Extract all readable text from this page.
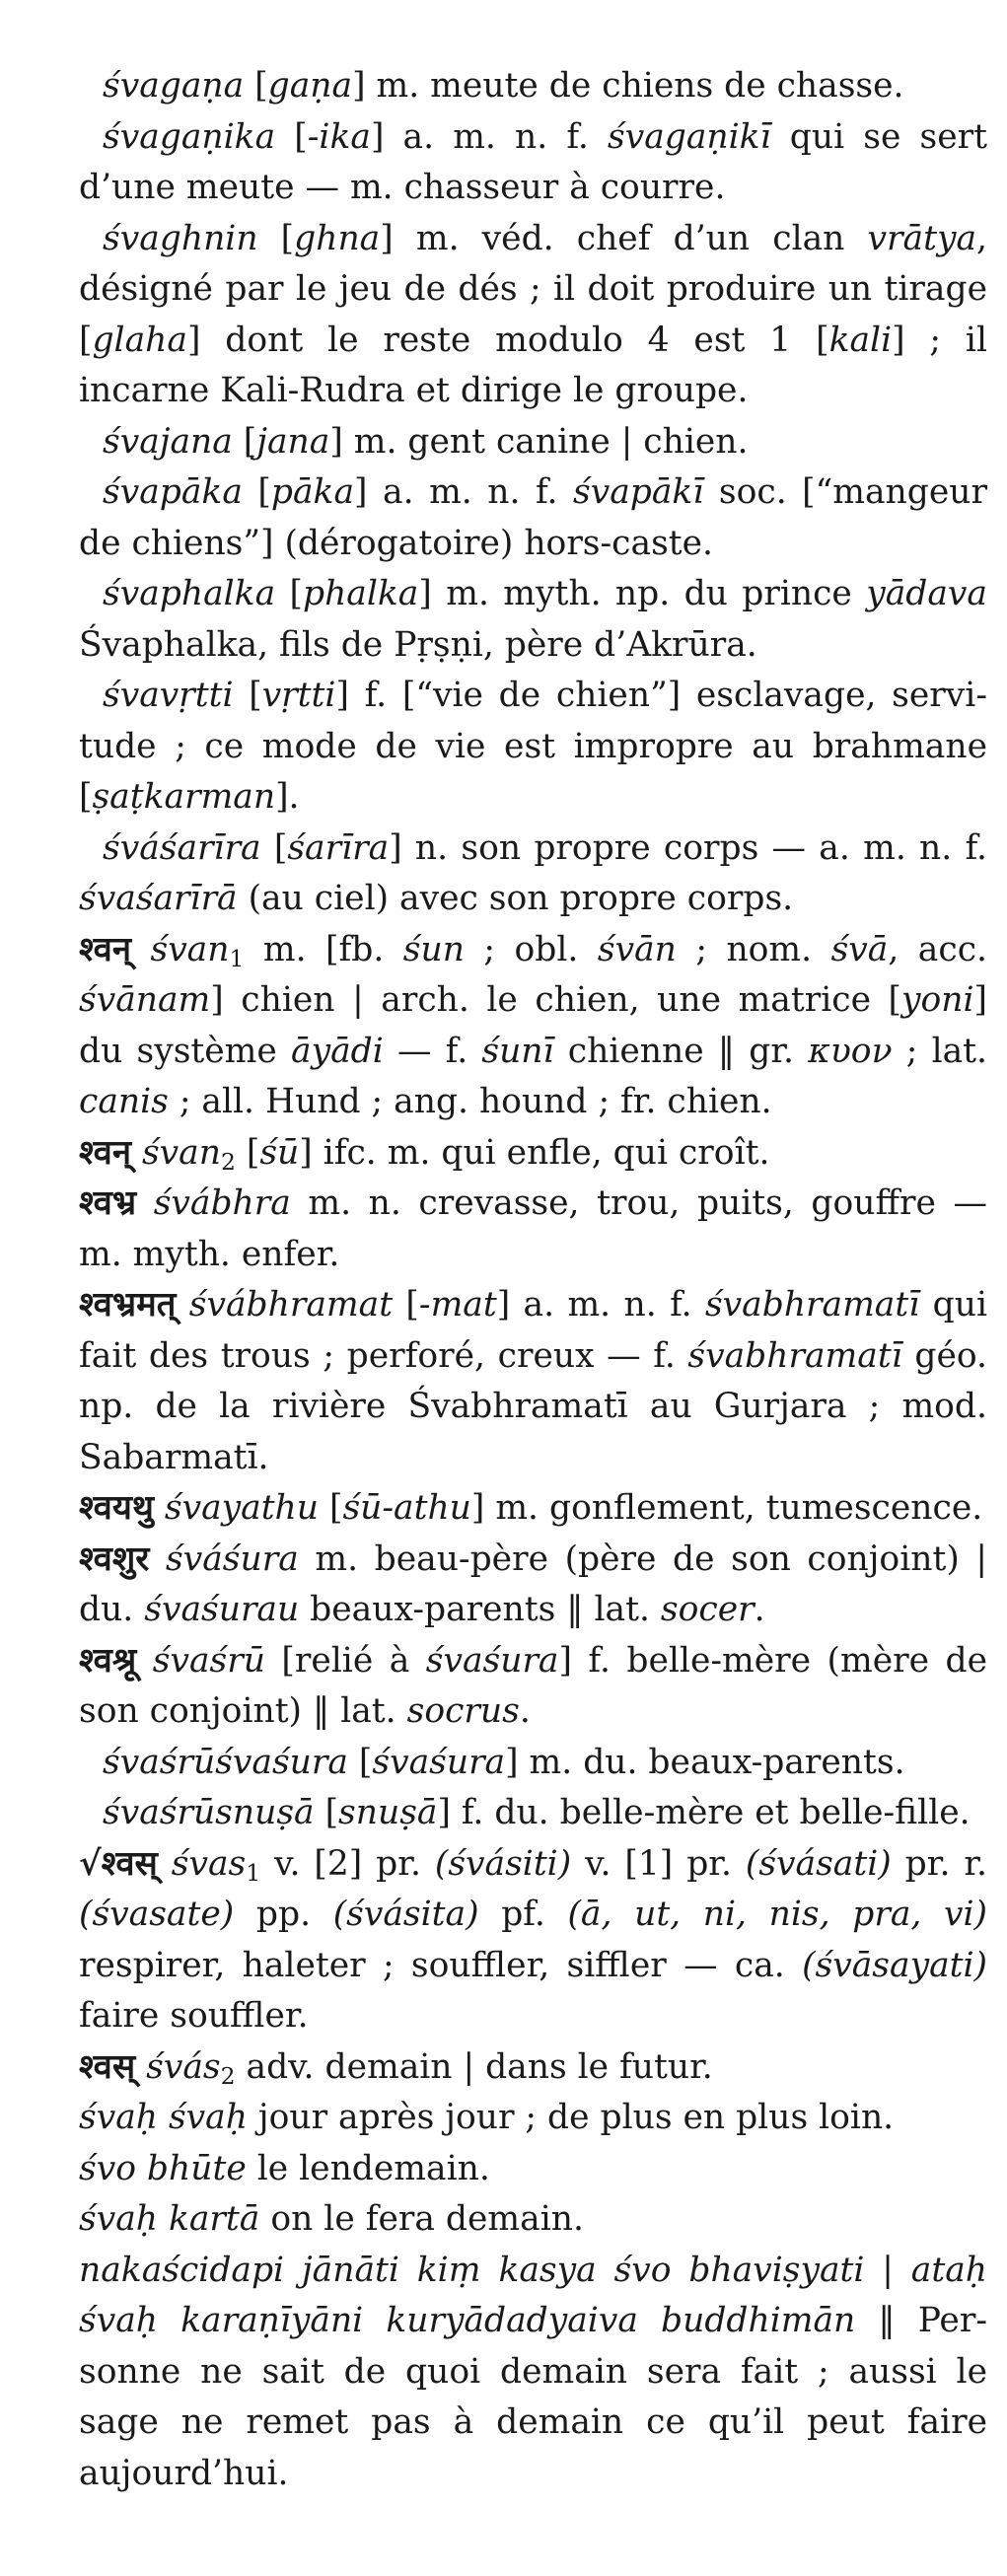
śvagaṇa [gaṇa] m. meute de chiens de chasse.

śvagaṇika [-ika] a. m. n. f. śvagaṇikī qui se sert d’une meute — m. chasseur à courre.

śvaghnin [ghna] m. véd. chef d’un clan vrātya, désigné par le jeu de dés ; il doit produire un tirage [glaha] dont le reste modulo 4 est 1 [kali] ; il incarne Kali-Rudra et dirige le groupe.

śvajana [jana] m. gent canine | chien.

śvapāka [pāka] a. m. n. f. śvapākī soc. [“mangeur de chiens”] (dérogatoire) hors-caste.

śvaphalka [phalka] m. myth. np. du prince yādava Śvaphalka, fils de Pṛṣṇi, père d’Akrūra.

śvavṛtti [vṛtti] f. [“vie de chien”] esclavage, servitude ; ce mode de vie est impropre au brahmane [ṣaṭkarman].

śváśarīra [śarīra] n. son propre corps — a. m. n. f. śvaśarīrā (au ciel) avec son propre corps.

श्वन् śvan$_1$ m. [fb. śun ; obl. śvān ; nom. śvā, acc. śvānam] chien | arch. le chien, une matrice [yoni] du système āyādi — f. śunī chienne ‖ gr. κυον ; lat. canis ; all. Hund ; ang. hound ; fr. chien.

श्वन् śvan$_2$ [śū] ifc. m. qui enfle, qui croît.

श्वभ्र śvábhra m. n. crevasse, trou, puits, gouffre — m. myth. enfer.

श्वभ्रमत् śvábhramat [-mat] a. m. n. f. śvabhramatī qui fait des trous ; perforé, creux — f. śvabhramatī géo. np. de la rivière Śvabhramatī au Gurjara ; mod. Sabarmatī.

श्वयथु śvayathu [śū-athu] m. gonflement, tumescence.

श्वशुर śváśura m. beau-père (père de son conjoint) | du. śvaśurau beaux-parents ‖ lat. socer.

श्वश्रू śvaśrū [relié à śvaśura] f. belle-mère (mère de son conjoint) ‖ lat. socrus.

śvaśrūśvaśura [śvaśura] m. du. beaux-parents.

śvaśrūsnuṣā [snuṣā] f. du. belle-mère et belle-fille.

√श्वस् śvas$_1$ v. [2] pr. (śvásiti) v. [1] pr. (śvásati) pr. r. (śvasate) pp. (śvásita) pf. (ā, ut, ni, nis, pra, vi) respirer, haleter ; souffler, siffler — ca. (śvāsayati) faire souffler.

श्वस् śvás$_2$ adv. demain | dans le futur.

śvaḥ śvaḥ jour après jour ; de plus en plus loin.

śvo bhūte le lendemain.

śvaḥ kartā on le fera demain.

nakaścidapi jānāti kiṃ kasya śvo bhaviṣyati | ataḥ śvaḥ karaṇīyāni kuryādadyaiva buddhimān ‖ Personne ne sait de quoi demain sera fait ; aussi le sage ne remet pas à demain ce qu’il peut faire aujourd’hui.
